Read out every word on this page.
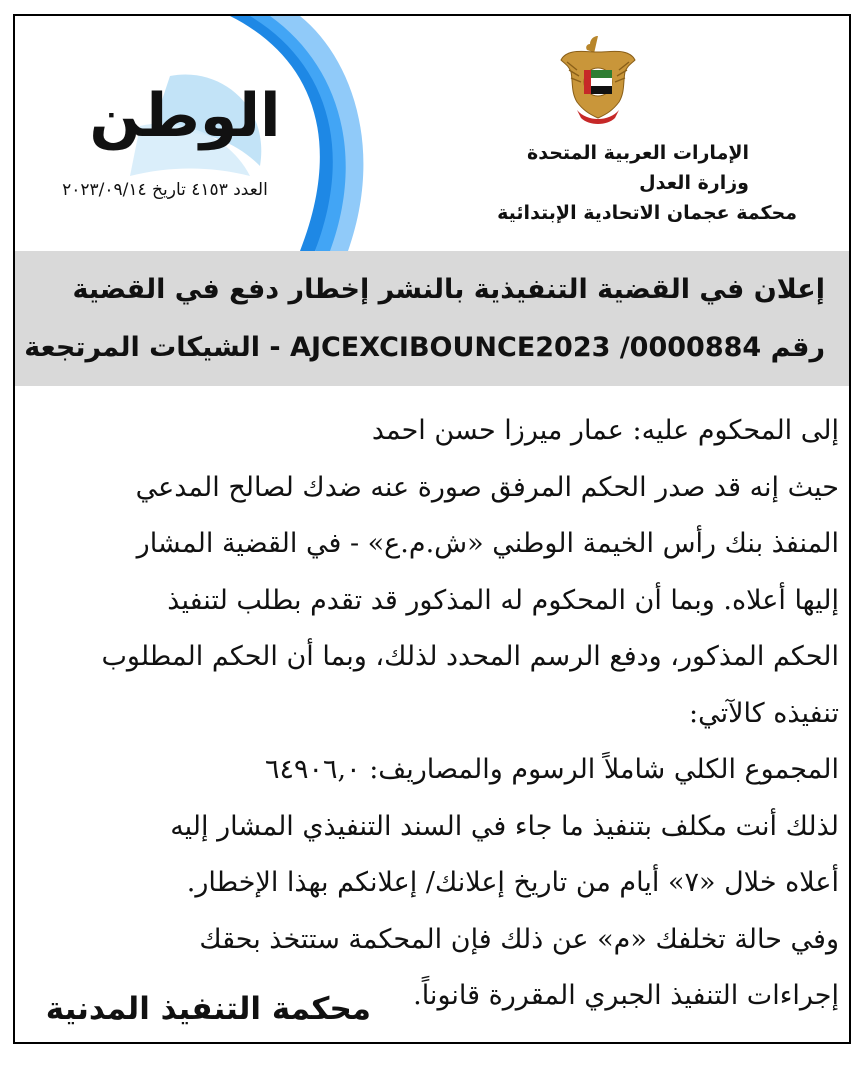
الوطن
العدد ٤١٥٣ تاريخ ٢٠٢٣/٠٩/١٤
الإمارات العربية المتحدة
وزارة العدل
محكمة عجمان الاتحادية الإبتدائية
إعلان في القضية التنفيذية بالنشر إخطار دفع في القضية
رقم AJCEXCIBOUNCE2023 /0000884 - الشيكات المرتجعة
إلى المحكوم عليه: عمار ميرزا حسن احمد
حيث إنه قد صدر الحكم المرفق صورة عنه ضدك لصالح المدعي
المنفذ بنك رأس الخيمة الوطني «ش.م.ع» - في القضية المشار
إليها أعلاه. وبما أن المحكوم له المذكور قد تقدم بطلب لتنفيذ
الحكم المذكور، ودفع الرسم المحدد لذلك، وبما أن الحكم المطلوب
تنفيذه كالآتي:
المجموع الكلي شاملاً الرسوم والمصاريف: ٦٤٩٠٦,٠
لذلك أنت مكلف بتنفيذ ما جاء في السند التنفيذي المشار إليه
أعلاه خلال «٧» أيام من تاريخ إعلانك/ إعلانكم بهذا الإخطار.
وفي حالة تخلفك «م» عن ذلك فإن المحكمة ستتخذ بحقك
إجراءات التنفيذ الجبري المقررة قانوناً.
محكمة التنفيذ المدنية
